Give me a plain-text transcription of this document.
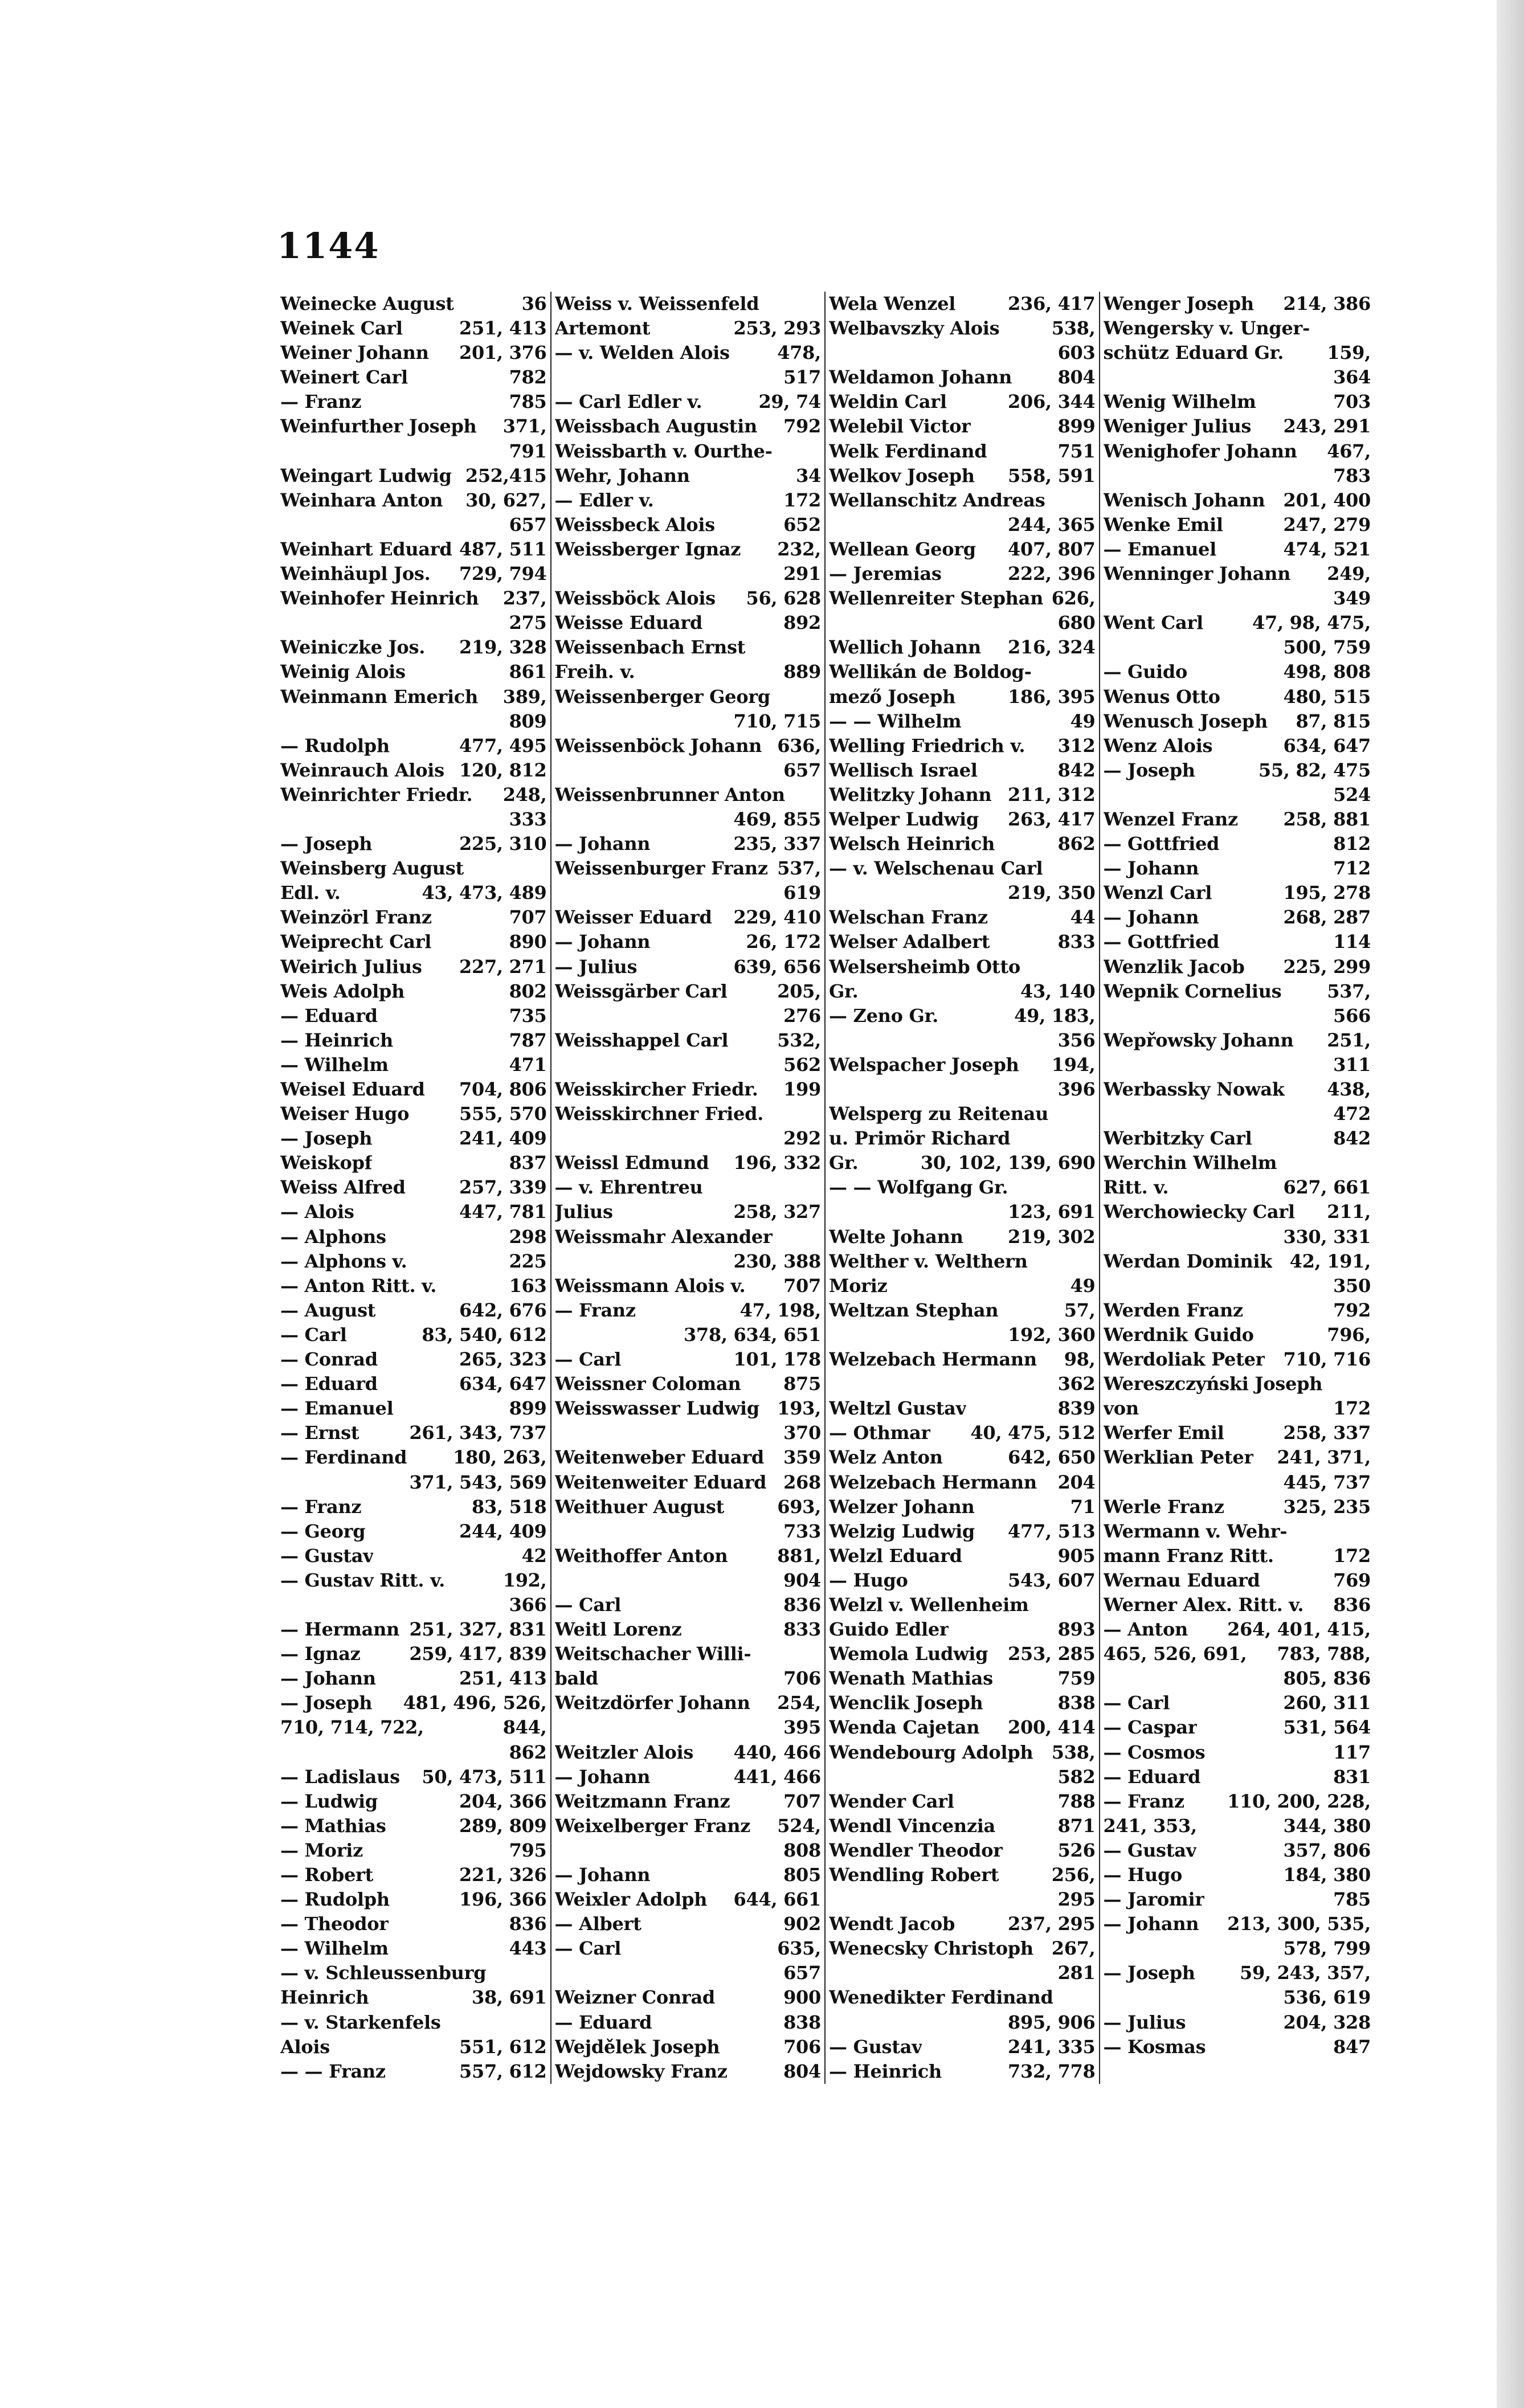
1144
Weinecke August	36
Weinek Carl	251, 413
Weiner Johann 201, 376
Weinert Carl	782
— Franz	785
Weinfurther Joseph 371,
791
Weingart Ludwig 252,415
Weinhara Anton 30, 627,
657
Weinhart Eduard 487, 511
Weinhäupl Jos. 729, 794
Weinhofer Heinrich 237,
275
Weiniczke Jos. 219, 328
Weinig Alois	861
Weinmann Emerich 389,
809
— Rudolph	477, 495
Weinrauch Alois 120, 812
Weinrichter Friedr. 248,
333
— Joseph	225, 310
Weinsberg August
Edl. v.	43, 473, 489
Weinzörl Franz	707
Weiprecht Carl	890
Weirich Julius 227, 271
Weis Adolph	802
— Eduard	735
— Heinrich	787
— Wilhelm	471
Weisel Eduard 704, 806
Weiser Hugo	555, 570
— Joseph	241, 409
Weiskopf	837
Weiss Alfred	257, 339
— Alois	447, 781
— Alphons	298
— Alphons v.	225
— Anton Ritt. v.	163
— August	642, 676
— Carl	83, 540, 612
— Conrad	265, 323
— Eduard	634, 647
— Emanuel	899
— Ernst	261, 343, 737
— Ferdinand	180, 263,
371, 543, 569
— Franz	83, 518
— Georg	244, 409
— Gustav	42
— Gustav Ritt. v.	192,
366
— Hermann 251, 327, 831
— Ignaz	259, 417, 839
— Johann	251, 413
— Joseph 481, 496, 526,
710, 714, 722,	844,
862
— Ladislaus 50, 473, 511
— Ludwig	204, 366
— Mathias	289, 809
— Moriz	795
— Robert	221, 326
— Rudolph	196, 366
— Theodor	836
— Wilhelm	443
— v. Schleussenburg
Heinrich	38, 691
— v. Starkenfels
Alois	551, 612
— — Franz	557, 612
Weiss v. Weissenfeld
Artemont	253, 293
— v. Welden Alois	478,
517
— Carl Edler v.	29, 74
Weissbach Augustin 792
Weissbarth v. Ourthe-
Wehr, Johann	34
— Edler v.	172
Weissbeck Alois	652
Weissberger Ignaz 232,
291
Weissböck Alois 56, 628
Weisse Eduard	892
Weissenbach Ernst
Freih. v.	889
Weissenberger Georg
710, 715
Weissenböck Johann 636,
657
Weissenbrunner Anton
469, 855
— Johann	235, 337
Weissenburger Franz 537,
619
Weisser Eduard 229, 410
— Johann	26, 172
— Julius	639, 656
Weissgärber Carl	205,
276
Weisshappel Carl	532,
562
Weisskircher Friedr. 199
Weisskirchner Fried.
292
Weissl Edmund 196, 332
— v. Ehrentreu
Julius	258, 327
Weissmahr Alexander
230, 388
Weissmann Alois v. 707
— Franz	47, 198,
378, 634, 651
— Carl	101, 178
Weissner Coloman 875
Weisswasser Ludwig 193,
370
Weitenweber Eduard 359
Weitenweiter Eduard 268
Weithuer August	693,
733
Weithoffer Anton	881,
904
— Carl	836
Weitl Lorenz	833
Weitschacher Willi-
bald	706
Weitzdörfer Johann 254,
395
Weitzler Alois 440, 466
— Johann	441, 466
Weitzmann Franz	707
Weixelberger Franz 524,
808
— Johann	805
Weixler Adolph 644, 661
— Albert	902
— Carl	635,
657
Weizner Conrad	900
— Eduard	838
Wejdělek Joseph	706
Wejdowsky Franz	804
Wela Wenzel	236, 417
Welbavszky Alois	538,
603
Weldamon Johann	804
Weldin Carl	206, 344
Welebil Victor	899
Welk Ferdinand	751
Welkov Joseph 558, 591
Wellanschitz Andreas
244, 365
Wellean Georg 407, 807
— Jeremias	222, 396
Wellenreiter Stephan 626,
680
Wellich Johann 216, 324
Wellikán de Boldog-
mező Joseph	186, 395
— — Wilhelm	49
Welling Friedrich v. 312
Wellisch Israel	842
Welitzky Johann 211, 312
Welper Ludwig 263, 417
Welsch Heinrich	862
— v. Welschenau Carl
219, 350
Welschan Franz	44
Welser Adalbert	833
Welsersheimb Otto
Gr.	43, 140
— Zeno Gr.	49, 183,
356
Welspacher Joseph 194,
396
Welsperg zu Reitenau
u. Primör Richard
Gr.	30, 102, 139, 690
— — Wolfgang Gr.
123, 691
Welte Johann 219, 302
Welther v. Welthern
Moriz	49
Weltzan Stephan	57,
192, 360
Welzebach Hermann 98,
362
Weltzl Gustav	839
— Othmar 40, 475, 512
Welz Anton	642, 650
Welzebach Hermann 204
Welzer Johann	71
Welzig Ludwig 477, 513
Welzl Eduard	905
— Hugo	543, 607
Welzl v. Wellenheim
Guido Edler	893
Wemola Ludwig 253, 285
Wenath Mathias	759
Wenclik Joseph	838
Wenda Cajetan 200, 414
Wendebourg Adolph 538,
582
Wender Carl	788
Wendl Vincenzia	871
Wendler Theodor	526
Wendling Robert	256,
295
Wendt Jacob	237, 295
Wenecsky Christoph 267,
281
Wenedikter Ferdinand
895, 906
— Gustav	241, 335
— Heinrich	732, 778
Wenger Joseph 214, 386
Wengersky v. Unger-
schütz Eduard Gr. 159,
364
Wenig Wilhelm	703
Weniger Julius 243, 291
Wenighofer Johann 467,
783
Wenisch Johann 201, 400
Wenke Emil	247, 279
— Emanuel	474, 521
Wenninger Johann 249,
349
Went Carl	47, 98, 475,
500, 759
— Guido	498, 808
Wenus Otto	480, 515
Wenusch Joseph 87, 815
Wenz Alois	634, 647
— Joseph	55, 82, 475
524
Wenzel Franz 258, 881
— Gottfried	812
— Johann	712
Wenzl Carl	195, 278
— Johann	268, 287
— Gottfried	114
Wenzlik Jacob 225, 299
Wepnik Cornelius 537,
566
Wepřowsky Johann 251,
311
Werbassky Nowak 438,
472
Werbitzky Carl	842
Werchin Wilhelm
Ritt. v.	627, 661
Werchowiecky Carl 211,
330, 331
Werdan Dominik 42, 191,
350
Werden Franz	792
Werdnik Guido	796,
Werdoliak Peter 710, 716
Wereszczyński Joseph
von	172
Werfer Emil	258, 337
Werklian Peter 241, 371,
445, 737
Werle Franz	325, 235
Wermann v. Wehr-
mann Franz Ritt.	172
Wernau Eduard	769
Werner Alex. Ritt. v. 836
— Anton 264, 401, 415,
465, 526, 691, 783, 788,
805, 836
— Carl	260, 311
— Caspar	531, 564
— Cosmos	117
— Eduard	831
— Franz 110, 200, 228,
241, 353,	344, 380
— Gustav	357, 806
— Hugo	184, 380
— Jaromir	785
— Johann 213, 300, 535,
578, 799
— Joseph 59, 243, 357,
536, 619
— Julius	204, 328
— Kosmas	847
